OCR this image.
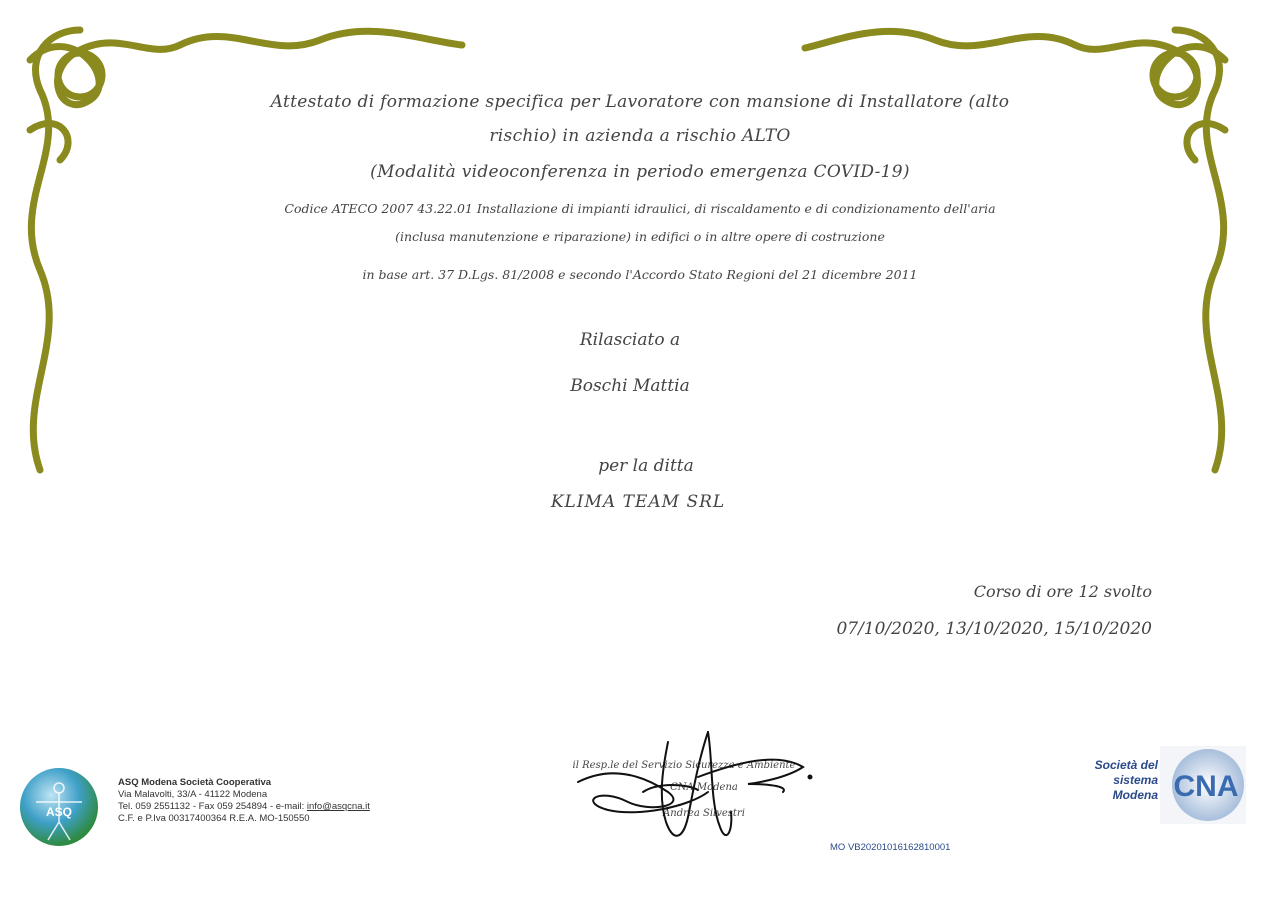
Attestato di formazione specifica per Lavoratore con mansione di Installatore (alto
rischio) in azienda a rischio ALTO
(Modalità videoconferenza in periodo emergenza COVID-19)
Codice ATECO 2007 43.22.01 Installazione di impianti idraulici, di riscaldamento e di condizionamento dell'aria
(inclusa manutenzione e riparazione) in edifici o in altre opere di costruzione
in base art. 37 D.Lgs. 81/2008 e secondo l'Accordo Stato Regioni del 21 dicembre 2011
Rilasciato a
Boschi Mattia
per la ditta
KLIMA TEAM SRL
Corso di ore 12 svolto
07/10/2020, 13/10/2020, 15/10/2020
ASQ
ASQ Modena Società Cooperativa
Via Malavolti, 33/A - 41122 Modena
Tel. 059 2551132 - Fax 059 254894 - e-mail: info@asqcna.it
C.F. e P.Iva 00317400364 R.E.A. MO-150550
il Resp.le del Servizio Sicurezza e Ambiente
CNA Modena
Andrea Silvestri
Società del
sistema
Modena CNA
MO VB20201016162810001
